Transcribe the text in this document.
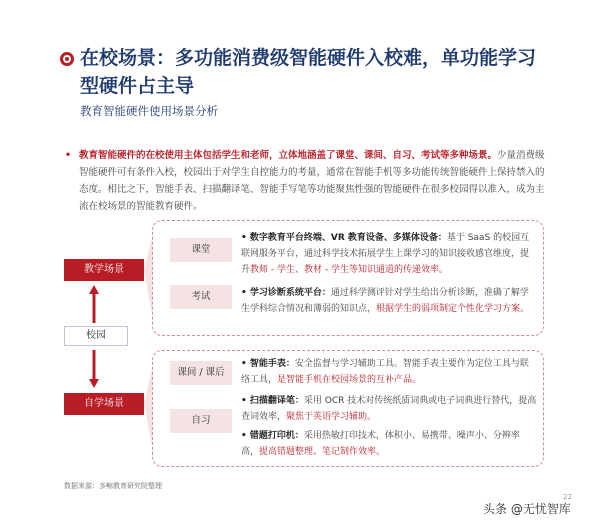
在校场景：多功能消费级智能硬件入校难，单功能学习型硬件占主导
教育智能硬件使用场景分析
• 教育智能硬件的在校使用主体包括学生和老师，立体地涵盖了课堂、课间、自习、考试等多种场景。少量消费级智能硬件可有条件入校，校园出于对学生自控能力的考量，通常在智能手机等多功能传统智能硬件上保持禁入的态度。相比之下，智能手表、扫描翻译笔、智能手写笔等功能聚焦性强的智能硬件在很多校园得以准入，成为主流在校场景的智能教育硬件。

教学场景
校园
自学场景
课堂
考试
课间 / 课后
自习
• 数字教育平台终端、VR 教育设备、多媒体设备：基于 SaaS 的校园互联网服务平台，通过科学技术拓展学生上课学习的知识接收感官维度，提升教师 - 学生、教材 - 学生等知识通道的传递效率。
• 学习诊断系统平台：通过科学测评针对学生给出分析诊断，准确了解学生学科综合情况和薄弱的知识点，根据学生的弱项制定个性化学习方案。
• 智能手表：安全监督与学习辅助工具。智能手表主要作为定位工具与联络工具，是智能手机在校园场景的互补产品。
• 扫描翻译笔：采用 OCR 技术对传统纸质词典或电子词典进行替代，提高查词效率，聚焦于英语学习辅助。
• 错题打印机：采用热敏打印技术，体积小、易携带、噪声小、分辨率高，提高错题整理、笔记制作效率。
数据来源：多鲸教育研究院整理
22
头条 @无忧智库
